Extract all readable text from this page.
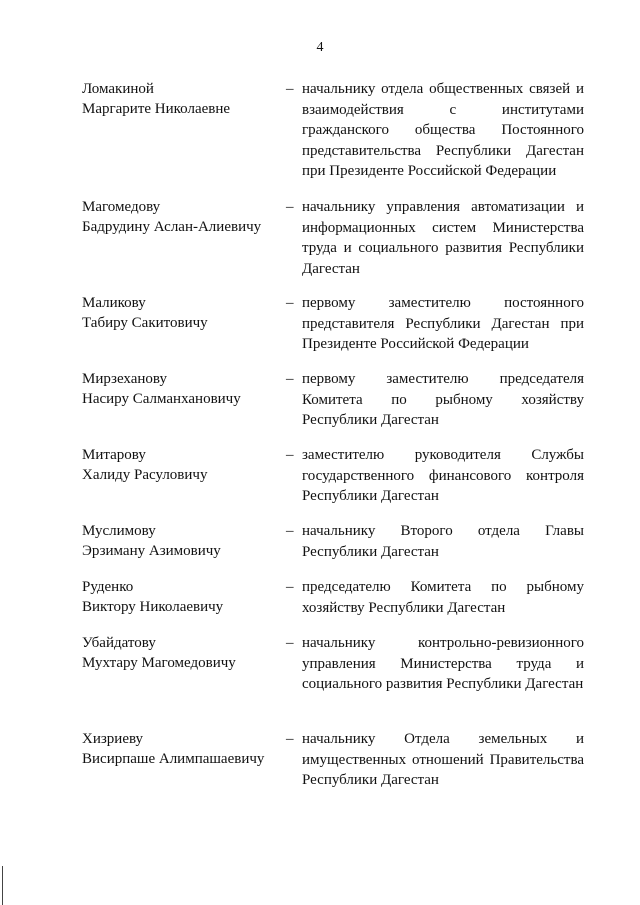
4
Ломакиной
Маргарите Николаевне
– начальнику отдела общественных связей и взаимодействия с институтами гражданского общества Постоянного представительства Республики Дагестан при Президенте Российской Федерации
Магомедову
Бадрудину Аслан-Алиевичу
– начальнику управления автоматизации и информационных систем Министерства труда и социального развития Республики Дагестан
Маликову
Табиру Сакитовичу
– первому заместителю постоянного представителя Республики Дагестан при Президенте Российской Федерации
Мирзеханову
Насиру Салманхановичу
– первому заместителю председателя Комитета по рыбному хозяйству Республики Дагестан
Митарову
Халиду Расуловичу
– заместителю руководителя Службы государственного финансового контроля Республики Дагестан
Муслимову
Эрзиману Азимовичу
– начальнику Второго отдела Главы Республики Дагестан
Руденко
Виктору Николаевичу
– председателю Комитета по рыбному хозяйству Республики Дагестан
Убайдатову
Мухтару Магомедовичу
– начальнику контрольно-ревизионного управления Министерства труда и социального развития Республики Дагестан
Хизриеву
Висирпаше Алимпашаевичу
– начальнику Отдела земельных и имущественных отношений Правительства Республики Дагестан
